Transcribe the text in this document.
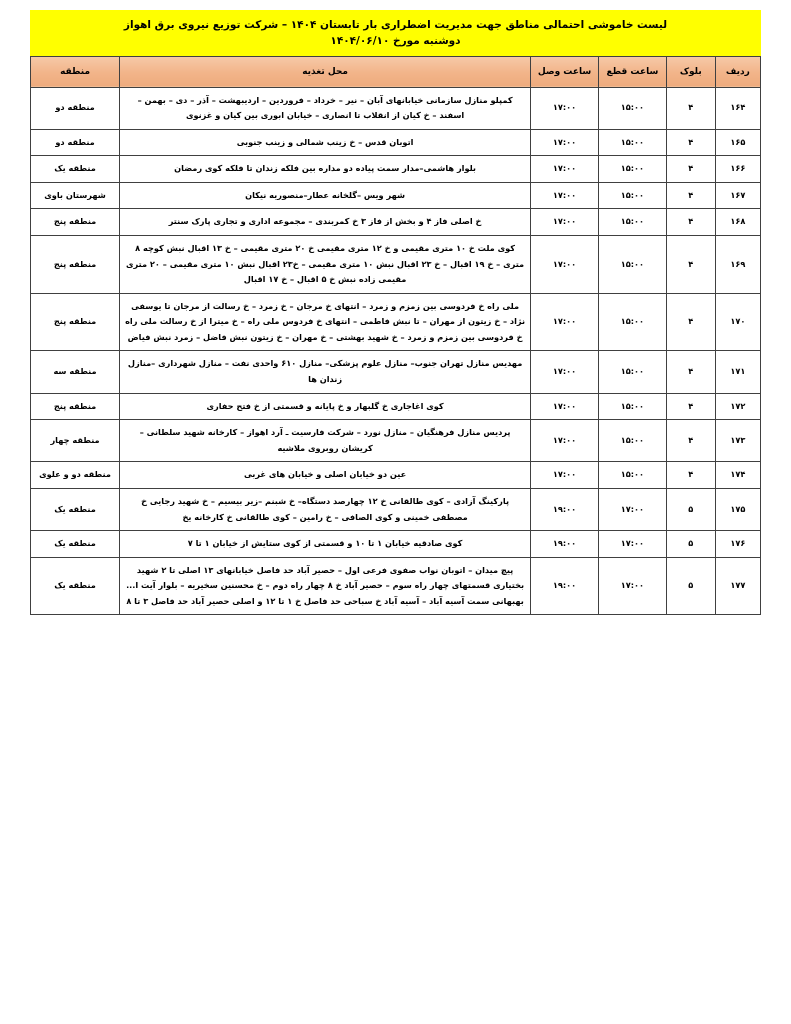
لیست خاموشی احتمالی مناطق جهت مدیریت اضطراری بار تابستان ۱۴۰۴ – شرکت توزیع نیروی برق اهواز
دوشنبه مورخ ۱۴۰۴/۰۶/۱۰
ردیف	بلوک	ساعت قطع	ساعت وصل	محل تغذیه	منطقه
۱۶۴	۴	۱۵:۰۰	۱۷:۰۰	کمپلو منازل سازمانی خیابانهای آبان – نیر – خرداد – فروردین – اردیبهشت – آذر – دی – بهمن – اسفند – خ کیان از انقلاب تا انصاری – خیابان ابوری بین کیان و غزنوی	منطقه دو
۱۶۵	۴	۱۵:۰۰	۱۷:۰۰	اتوبان قدس – خ زینب شمالی و زینب جنوبی	منطقه دو
۱۶۶	۴	۱۵:۰۰	۱۷:۰۰	بلوار هاشمی–مدار سمت پیاده دو مداره بین فلکه زندان تا فلکه کوی رمضان	منطقه یک
۱۶۷	۴	۱۵:۰۰	۱۷:۰۰	شهر ویس –گلخانه عطار–منصوریه نیکان	شهرستان باوی
۱۶۸	۴	۱۵:۰۰	۱۷:۰۰	خ اصلی فاز ۴ و بخش از فاز ۳ خ کمربندی – مجموعه اداری و تجاری پارک سنتر	منطقه پنج
۱۶۹	۴	۱۵:۰۰	۱۷:۰۰	کوی ملت خ ۱۰ متری مقیمی و خ ۱۲ متری مقیمی خ ۲۰ متری مقیمی – خ ۱۳ اقبال نبش کوچه ۸ متری – خ ۱۹ اقبال – خ ۲۳ اقبال نبش ۱۰ متری مقیمی – خ۲۳ اقبال نبش ۱۰ متری مقیمی – ۲۰ متری مقیمی زاده نبش خ ۵ اقبال – خ ۱۷ اقبال	منطقه پنج
۱۷۰	۴	۱۵:۰۰	۱۷:۰۰	ملی راه خ فردوسی بین زمزم و زمرد – انتهای خ مرجان – خ زمرد – خ رسالت از مرجان تا یوسفی نژاد – خ زیتون از مهران – تا نبش فاطمی – انتهای خ فردوس ملی راه – خ میترا از خ رسالت ملی راه خ فردوسی بین زمزم و زمرد – خ شهید بهشتی – خ مهران – خ زیتون نبش فاضل – زمرد نبش فیاض	منطقه پنج
۱۷۱	۴	۱۵:۰۰	۱۷:۰۰	مهدیس منازل تهران جنوب– منازل علوم پزشکی– منازل ۶۱۰ واحدی نفت – منازل شهرداری –منازل زندان ها	منطقه سه
۱۷۲	۴	۱۵:۰۰	۱۷:۰۰	کوی اغاجاری خ گلبهار و خ پایانه و قسمتی از خ فتح حفاری	منطقه پنج
۱۷۳	۴	۱۵:۰۰	۱۷:۰۰	پردیس منازل فرهنگیان – منازل نورد – شرکت فارسیت ـ آرد اهواز – کارخانه شهید سلطانی – کریشان روبروی ملاشیه	منطقه چهار
۱۷۴	۴	۱۵:۰۰	۱۷:۰۰	عین دو خیابان اصلی و خیابان های غربی	منطقه دو و علوی
۱۷۵	۵	۱۷:۰۰	۱۹:۰۰	پارکینگ آزادی – کوی طالقانی خ ۱۲ چهارصد دستگاه– خ شبنم –زیر بیسیم – خ شهید رجایی خ مصطفی خمینی و کوی الصافی – خ رامین – کوی طالقانی خ کارخانه یخ	منطقه یک
۱۷۶	۵	۱۷:۰۰	۱۹:۰۰	کوی صادقیه خیابان ۱ تا ۱۰ و قسمتی از کوی ستایش از خیابان ۱ تا ۷	منطقه یک
۱۷۷	۵	۱۷:۰۰	۱۹:۰۰	پیچ میدان – اتوبان نواب صفوی فرعی اول – حصیر آباد حد فاصل خیابانهای ۱۳ اصلی تا ۲ شهید بختیاری قسمتهای چهار راه سوم – حصیر آباد خ ۸ چهار راه دوم – خ محسنین سخیریه – بلوار آیت ا... بهبهانی سمت آسیه آباد – آسیه آباد خ سباحی حد فاصل خ ۱ تا ۱۲ و اصلی حصیر آباد حد فاصل ۳ تا ۸	منطقه یک
